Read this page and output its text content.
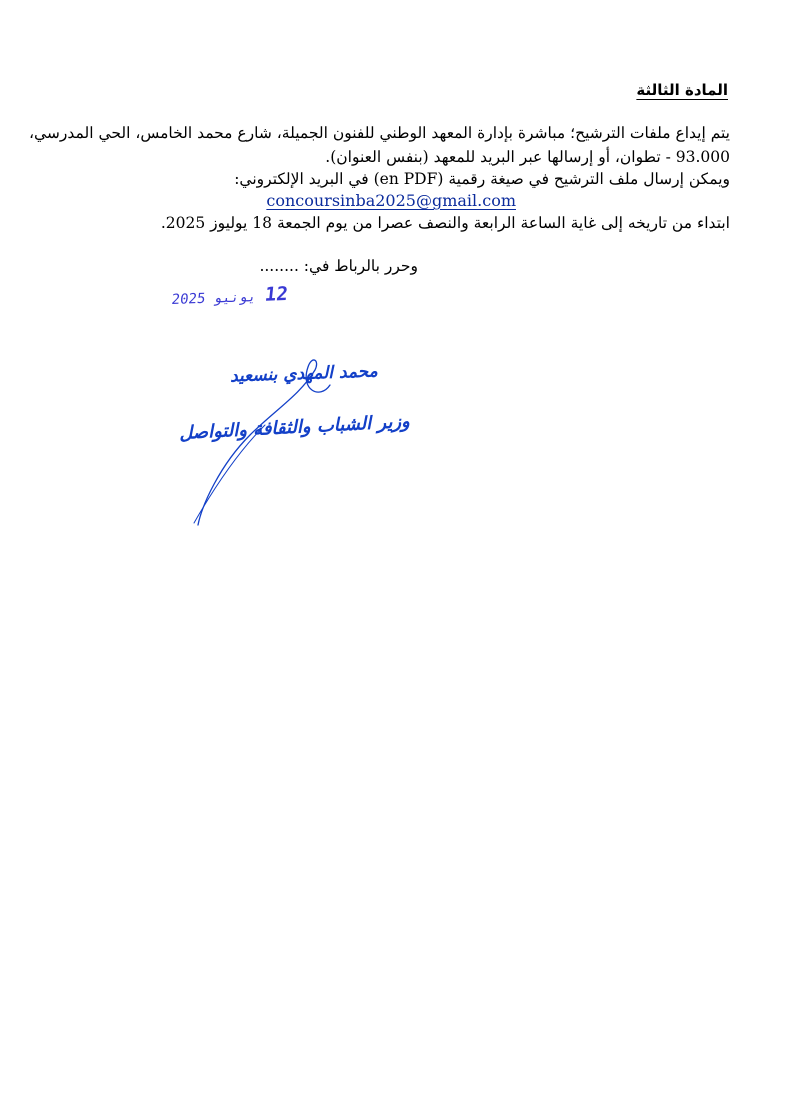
المادة الثالثة
يتم إيداع ملفات الترشيح؛ مباشرة بإدارة المعهد الوطني للفنون الجميلة، شارع محمد الخامس، الحي المدرسي،
93.000 - تطوان، أو إرسالها عبر البريد للمعهد (بنفس العنوان).
ويمكن إرسال ملف الترشيح في صيغة رقمية (en PDF) في البريد الإلكتروني:
concoursinba2025@gmail.com
ابتداء من تاريخه إلى غاية الساعة الرابعة والنصف عصرا من يوم الجمعة 18 يوليوز 2025.
وحرر بالرباط في: ........
12 يونيو 2025
محمد المهدي بنسعيد
وزير الشباب والثقافة والتواصل
